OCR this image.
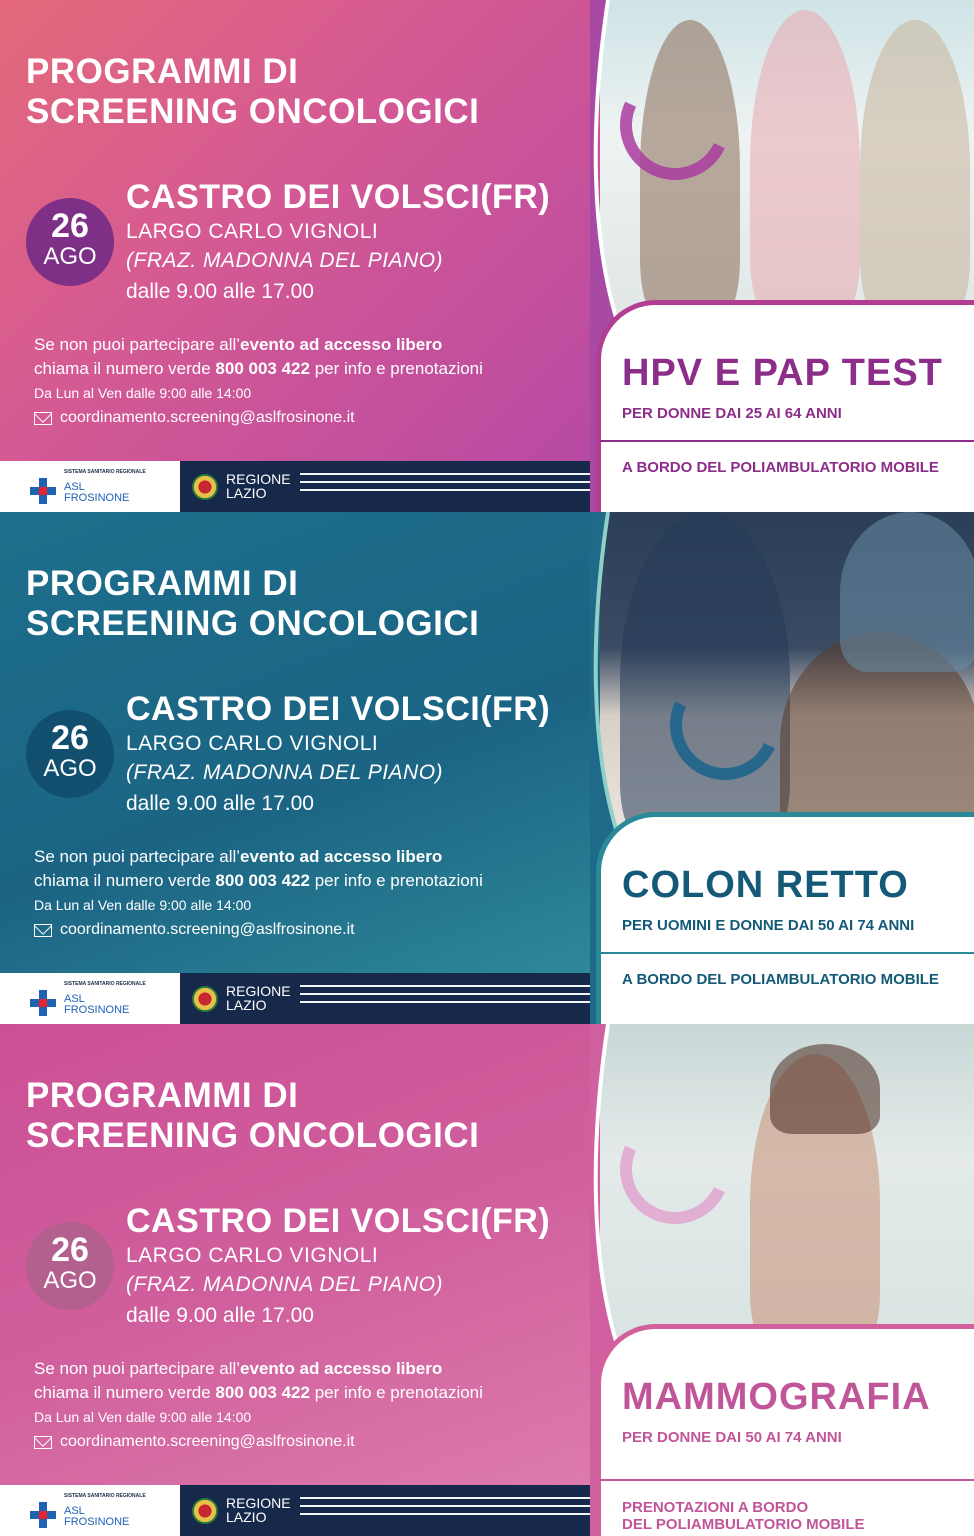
PROGRAMMI DI
SCREENING ONCOLOGICI
26
AGO
CASTRO DEI VOLSCI(FR)
LARGO CARLO VIGNOLI
(FRAZ. MADONNA DEL PIANO)
dalle 9.00 alle 17.00
Se non puoi partecipare all’evento ad accesso libero
chiama il numero verde 800 003 422 per info e prenotazioni
Da Lun al Ven dalle 9:00 alle 14:00
coordinamento.screening@aslfrosinone.it
SISTEMA SANITARIO REGIONALE
ASL
FROSINONE
REGIONE
LAZIO
HPV E PAP TEST
PER DONNE DAI 25 AI 64 ANNI
A BORDO DEL POLIAMBULATORIO MOBILE
PROGRAMMI DI
SCREENING ONCOLOGICI
26
AGO
CASTRO DEI VOLSCI(FR)
LARGO CARLO VIGNOLI
(FRAZ. MADONNA DEL PIANO)
dalle 9.00 alle 17.00
Se non puoi partecipare all’evento ad accesso libero
chiama il numero verde 800 003 422 per info e prenotazioni
Da Lun al Ven dalle 9:00 alle 14:00
coordinamento.screening@aslfrosinone.it
SISTEMA SANITARIO REGIONALE
ASL
FROSINONE
REGIONE
LAZIO
COLON RETTO
PER UOMINI E DONNE DAI 50 AI 74 ANNI
A BORDO DEL POLIAMBULATORIO MOBILE
PROGRAMMI DI
SCREENING ONCOLOGICI
26
AGO
CASTRO DEI VOLSCI(FR)
LARGO CARLO VIGNOLI
(FRAZ. MADONNA DEL PIANO)
dalle 9.00 alle 17.00
Se non puoi partecipare all’evento ad accesso libero
chiama il numero verde 800 003 422 per info e prenotazioni
Da Lun al Ven dalle 9:00 alle 14:00
coordinamento.screening@aslfrosinone.it
SISTEMA SANITARIO REGIONALE
ASL
FROSINONE
REGIONE
LAZIO
MAMMOGRAFIA
PER DONNE DAI 50 AI 74 ANNI
PRENOTAZIONI A BORDO
DEL POLIAMBULATORIO MOBILE
